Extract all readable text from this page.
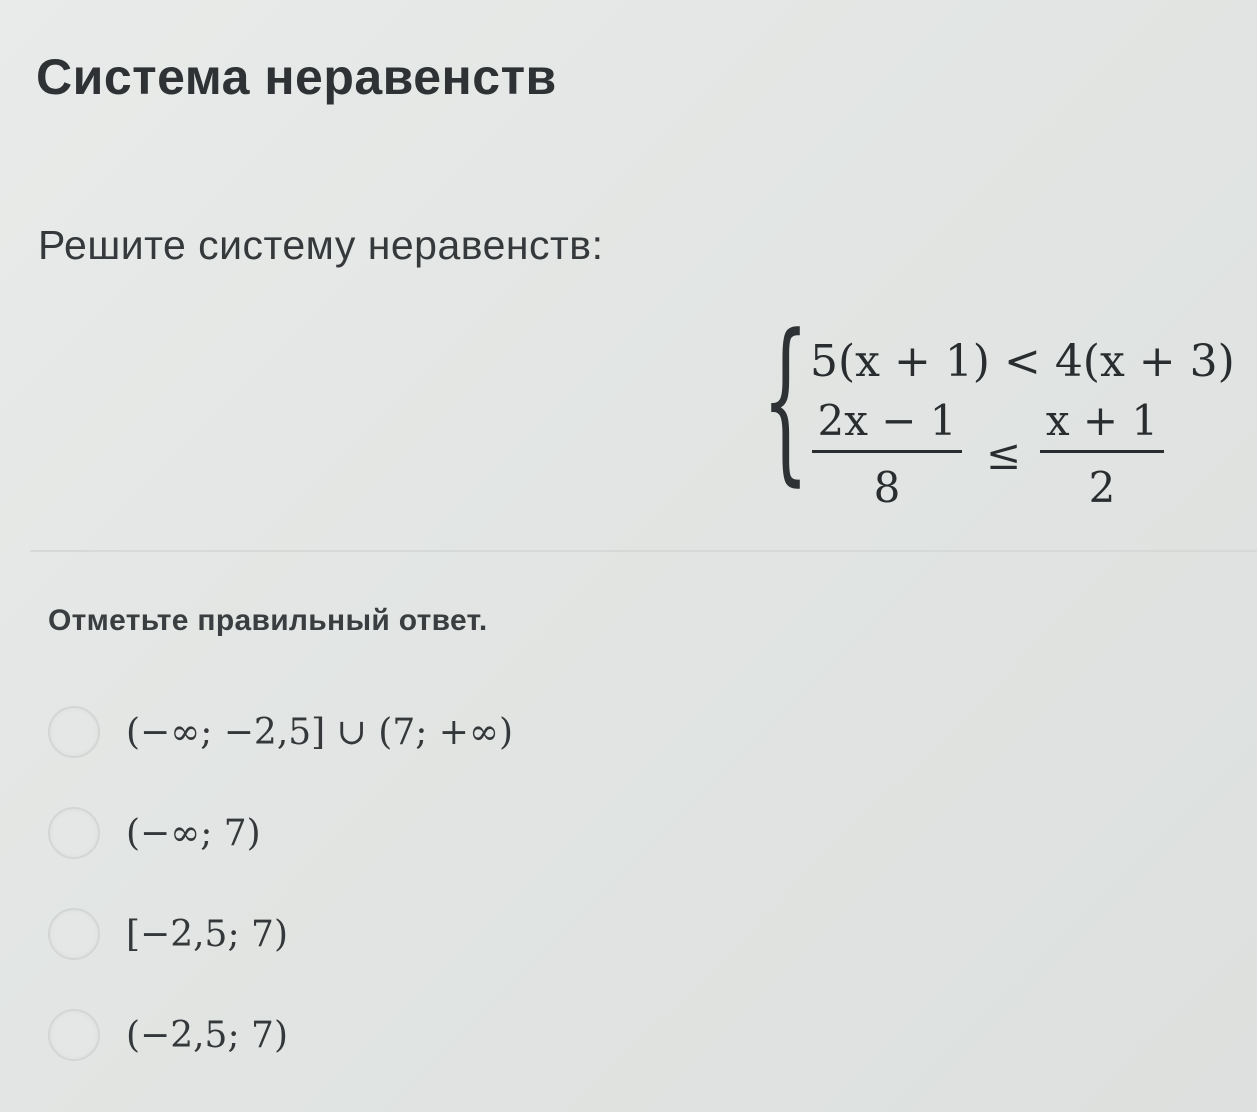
Система неравенств

Решите систему неравенств:

{ 5(x + 1) < 4(x + 3)
2x − 1
8
≤
x + 1
2

Отметьте правильный ответ.

(−∞; −2,5] ∪ (7; +∞)
(−∞; 7)
[−2,5; 7)
(−2,5; 7)
